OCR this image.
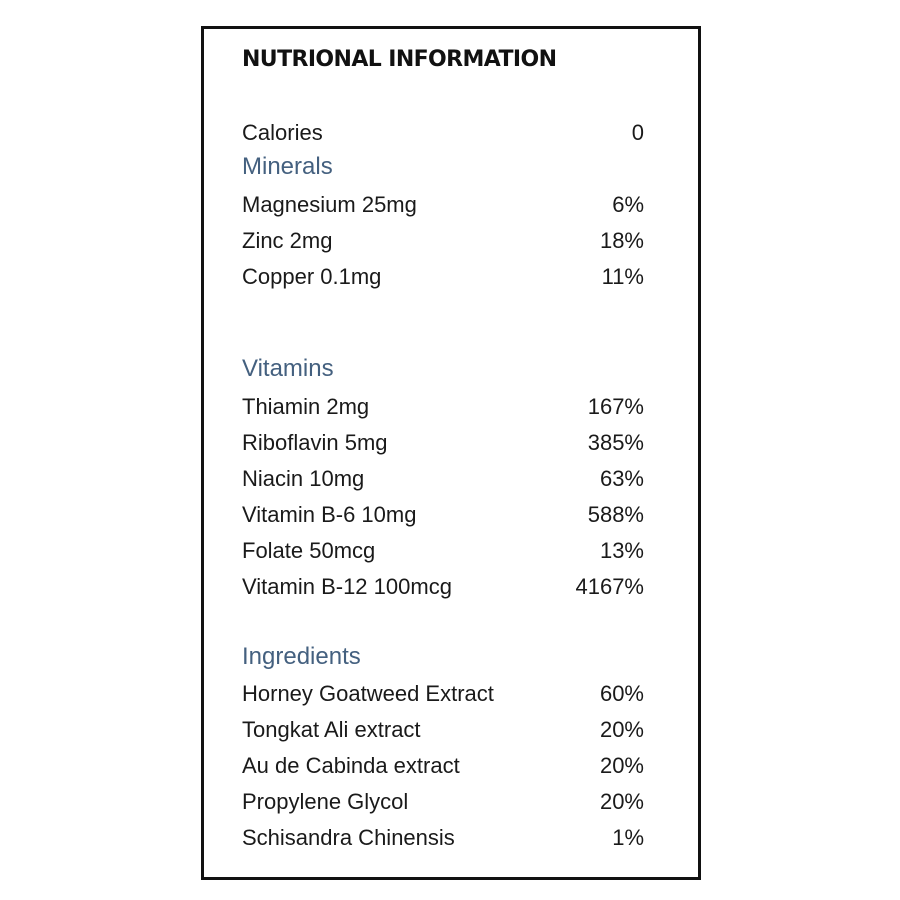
NUTRIONAL INFORMATION
Calories	0
Minerals
Magnesium 25mg	6%
Zinc 2mg	18%
Copper 0.1mg	11%
Vitamins
Thiamin 2mg	167%
Riboflavin 5mg	385%
Niacin 10mg	63%
Vitamin B-6 10mg	588%
Folate 50mcg	13%
Vitamin B-12 100mcg	4167%
Ingredients
Horney Goatweed Extract	60%
Tongkat Ali extract	20%
Au de Cabinda extract	20%
Propylene Glycol	20%
Schisandra Chinensis	1%
